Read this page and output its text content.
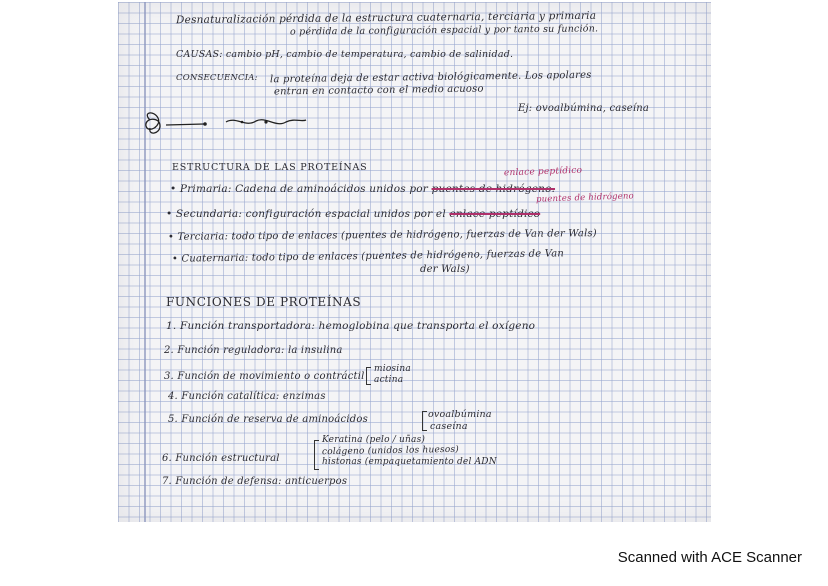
Desnaturalización pérdida de la estructura cuaternaria, terciaria y primaria
o pérdida de la configuración espacial y por tanto su función.
CAUSAS: cambio pH, cambio de temperatura, cambio de salinidad.
CONSECUENCIA: la proteína deja de estar activa biológicamente. Los apolares
entran en contacto con el medio acuoso
Ej: ovoalbúmina, caseína
ESTRUCTURA DE LAS PROTEÍNAS	enlace peptídico
puentes de hidrógeno
• Primaria: Cadena de aminoácidos unidos por puentes de hidrógeno.
• Secundaria: configuración espacial unidos por el enlace peptídico
• Terciaria: todo tipo de enlaces (puentes de hidrógeno, fuerzas de Van der Wals)
• Cuaternaria: todo tipo de enlaces (puentes de hidrógeno, fuerzas de Van
der Wals)
FUNCIONES DE PROTEÍNAS
1. Función transportadora: hemoglobina que transporta el oxígeno
2. Función reguladora: la insulina
3. Función de movimiento o contráctil
miosina
actina
4. Función catalítica: enzimas
5. Función de reserva de aminoácidos	ovoalbúmina
caseína
6. Función estructural
Keratina (pelo / uñas)
colágeno (unidos los huesos)
histonas (empaquetamiento del ADN
7. Función de defensa: anticuerpos
Scanned with ACE Scanner
